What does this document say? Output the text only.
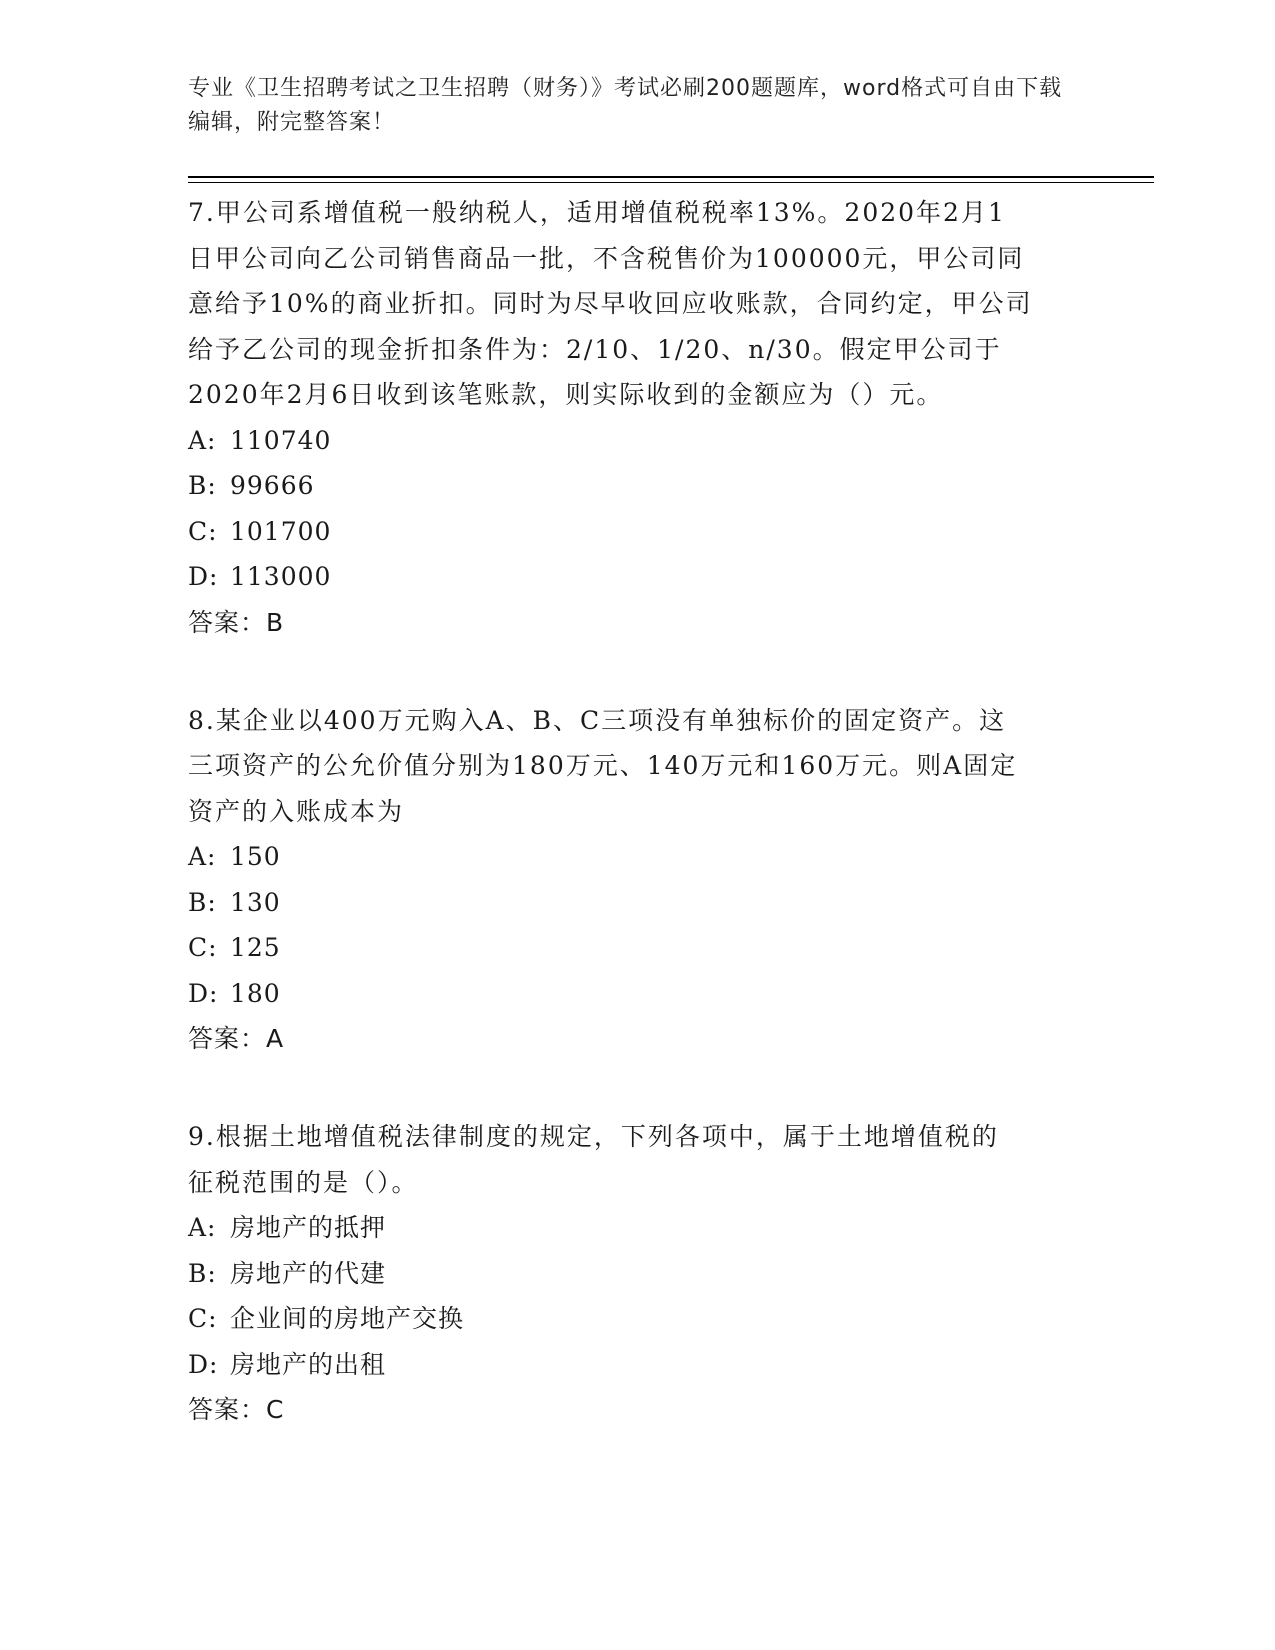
专业《卫生招聘考试之卫生招聘（财务）》考试必刷200题题库，word格式可自由下载编辑，附完整答案！

7.甲公司系增值税一般纳税人，适用增值税税率13%。2020年2月1
日甲公司向乙公司销售商品一批，不含税售价为100000元，甲公司同
意给予10%的商业折扣。同时为尽早收回应收账款，合同约定，甲公司
给予乙公司的现金折扣条件为：2/10、1/20、n/30。假定甲公司于
2020年2月6日收到该笔账款，则实际收到的金额应为（）元。

A: 110740

B: 99666

C: 101700

D: 113000

答案：B

8.某企业以400万元购入A、B、C三项没有单独标价的固定资产。这
三项资产的公允价值分别为180万元、140万元和160万元。则A固定
资产的入账成本为

A: 150

B: 130

C: 125

D: 180

答案：A

9.根据土地增值税法律制度的规定，下列各项中，属于土地增值税的
征税范围的是（）。

A: 房地产的抵押

B: 房地产的代建

C: 企业间的房地产交换

D: 房地产的出租

答案：C
